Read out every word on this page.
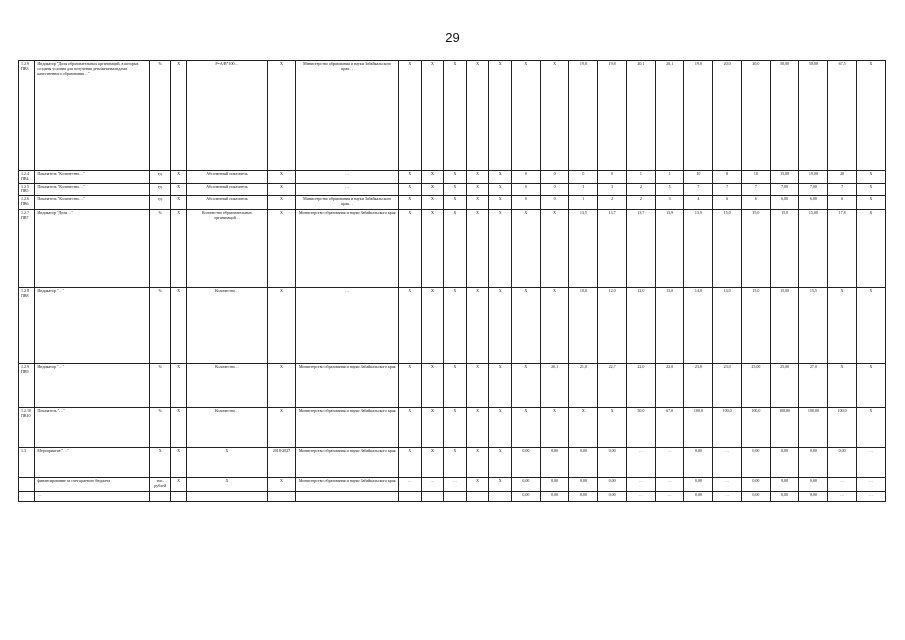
29
1.2.9 ПВ3	Индикатор "Доля образовательных организаций, в которых созданы условия для получения детьми-инвалидами качественного образования…"	%	X	Р=А/В*100…	X	Министерство образования и науки Забайкальского края…	X	X	X	X	X	X	X	19,8	19,8	20,1	20,1	19,0	20,0	20,0	50,00	50,00	67,5	X
1.2.4 ПВ4	Показатель "Количество…"	ед.	X	Абсолютный показатель	X	…	X	X	X	X	X	0	0	0	0	1	1	10	8	10	15,00	19,00	20	X
1.2.5 ПВ5	Показатель "Количество…"	ед.	X	Абсолютный показатель	X	…	X	X	X	X	X	0	0	1	3	2	5	7	7	7	7,00	7,00	7	X
1.2.6 ПВ6	Показатель "Количество…"	ед.	X	Абсолютный показатель	X	Министерство образования и науки Забайкальского края…	X	X	X	X	X	0	0	1	2	2	3	4	6	6	6,00	6,00	6	X
1.2.7 ПВ7	Индикатор "Доля…"	%	X	Количество образовательных организаций…	X	Министерство образования и науки Забайкальского края	X	X	X	X	X	X	X	13,5	13,7	13,7	13,9	13,9	15,0	15,0	15,0	15,00	17,8	X
1.2.8 ПВ8	Индикатор "…"	%	X	Количество…	X	…	X	X	X	X	X	X	X	10,0	12,0	12,0	13,0	14,0	14,0	15,0	15,00	15,5	X	X
1.2.9 ПВ9	Индикатор "…"	%	X	Количество…	X	Министерство образования и науки Забайкальского края	X	X	X	X	X	X	20,1	21,0	22,7	22,0	22,0	23,0	23,0	25,00	25,00	27,0	X	X
1.2.10 ПВ10	Показатель "…"	%	X	Количество…	X	Министерство образования и науки Забайкальского края	X	X	X	X	X	X	X	X	X	50,0	67,0	100,0	100,0	100,0	100,00	100,00	100,0	X
1.3	Мероприятие "…"	X	X	X	2018-2027	Министерство образования и науки Забайкальского края	X	X	X	X	X	0,00	0,00	0,00	0,00	…	…	0,00	…	0,00	0,00	0,00	0,00	…
	финансирование за счет краевого бюджета	тыс. рублей	X	X	X	Министерство образования и науки Забайкальского края	…	…	…	X	X	0,00	0,00	0,00	0,00	…	…	0,00	…	0,00	0,00	0,00	…	…
	…											0,00	0,00	0,00	0,00	…	…	0,00	…	0,00	0,00	0,00	…	…
